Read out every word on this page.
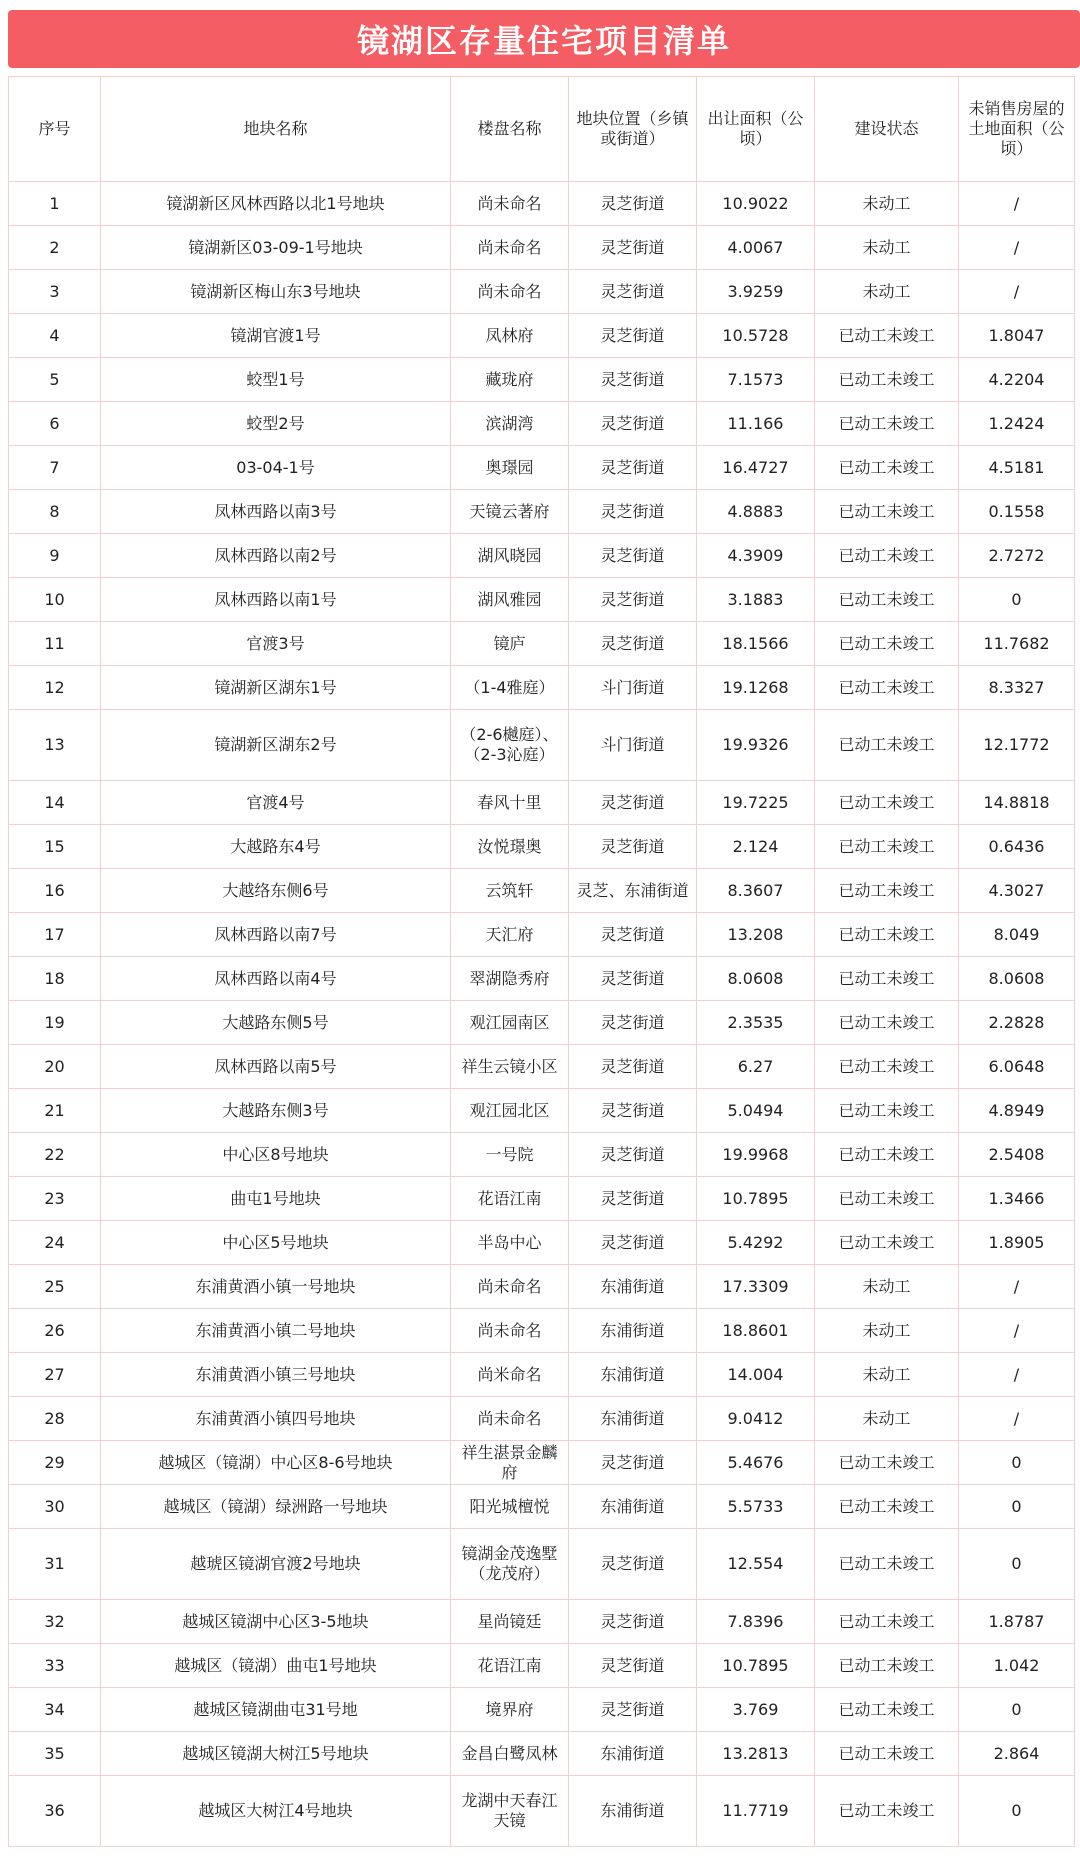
镜湖区存量住宅项目清单
序号	地块名称	楼盘名称	地块位置（乡镇或街道）	出让面积（公顷）	建设状态	未销售房屋的土地面积（公顷）
1	镜湖新区风林西路以北1号地块	尚未命名	灵芝街道	10.9022	未动工	/
2	镜湖新区03-09-1号地块	尚未命名	灵芝街道	4.0067	未动工	/
3	镜湖新区梅山东3号地块	尚未命名	灵芝街道	3.9259	未动工	/
4	镜湖官渡1号	凤林府	灵芝街道	10.5728	已动工未竣工	1.8047
5	蛟型1号	藏珑府	灵芝街道	7.1573	已动工未竣工	4.2204
6	蛟型2号	滨湖湾	灵芝街道	11.166	已动工未竣工	1.2424
7	03-04-1号	奥璟园	灵芝街道	16.4727	已动工未竣工	4.5181
8	凤林西路以南3号	天镜云著府	灵芝街道	4.8883	已动工未竣工	0.1558
9	凤林西路以南2号	湖风晓园	灵芝街道	4.3909	已动工未竣工	2.7272
10	凤林西路以南1号	湖风雅园	灵芝街道	3.1883	已动工未竣工	0
11	官渡3号	镜庐	灵芝街道	18.1566	已动工未竣工	11.7682
12	镜湖新区湖东1号	（1-4雅庭）	斗门街道	19.1268	已动工未竣工	8.3327
13	镜湖新区湖东2号	（2-6樾庭）、（2-3沁庭）	斗门街道	19.9326	已动工未竣工	12.1772
14	官渡4号	春风十里	灵芝街道	19.7225	已动工未竣工	14.8818
15	大越路东4号	汝悦璟奥	灵芝街道	2.124	已动工未竣工	0.6436
16	大越络东侧6号	云筑轩	灵芝、东浦街道	8.3607	已动工未竣工	4.3027
17	凤林西路以南7号	天汇府	灵芝街道	13.208	已动工未竣工	8.049
18	凤林西路以南4号	翠湖隐秀府	灵芝街道	8.0608	已动工未竣工	8.0608
19	大越路东侧5号	观江园南区	灵芝街道	2.3535	已动工未竣工	2.2828
20	凤林西路以南5号	祥生云镜小区	灵芝街道	6.27	已动工未竣工	6.0648
21	大越路东侧3号	观江园北区	灵芝街道	5.0494	已动工未竣工	4.8949
22	中心区8号地块	一号院	灵芝街道	19.9968	已动工未竣工	2.5408
23	曲屯1号地块	花语江南	灵芝街道	10.7895	已动工未竣工	1.3466
24	中心区5号地块	半岛中心	灵芝街道	5.4292	已动工未竣工	1.8905
25	东浦黄酒小镇一号地块	尚未命名	东浦街道	17.3309	未动工	/
26	东浦黄酒小镇二号地块	尚未命名	东浦街道	18.8601	未动工	/
27	东浦黄酒小镇三号地块	尚米命名	东浦街道	14.004	未动工	/
28	东浦黄酒小镇四号地块	尚未命名	东浦街道	9.0412	未动工	/
29	越城区（镜湖）中心区8-6号地块	祥生湛景金麟府	灵芝街道	5.4676	已动工未竣工	0
30	越城区（镜湖）绿洲路一号地块	阳光城檀悦	东浦街道	5.5733	已动工未竣工	0
31	越琥区镜湖官渡2号地块	镜湖金茂逸墅（龙茂府）	灵芝街道	12.554	已动工未竣工	0
32	越城区镜湖中心区3-5地块	星尚镜廷	灵芝街道	7.8396	已动工未竣工	1.8787
33	越城区（镜湖）曲屯1号地块	花语江南	灵芝街道	10.7895	已动工未竣工	1.042
34	越城区镜湖曲屯31号地	境界府	灵芝街道	3.769	已动工未竣工	0
35	越城区镜湖大树江5号地块	金昌白鹭凤林	东浦街道	13.2813	已动工未竣工	2.864
36	越城区大树江4号地块	龙湖中天春江天镜	东浦街道	11.7719	已动工未竣工	0
